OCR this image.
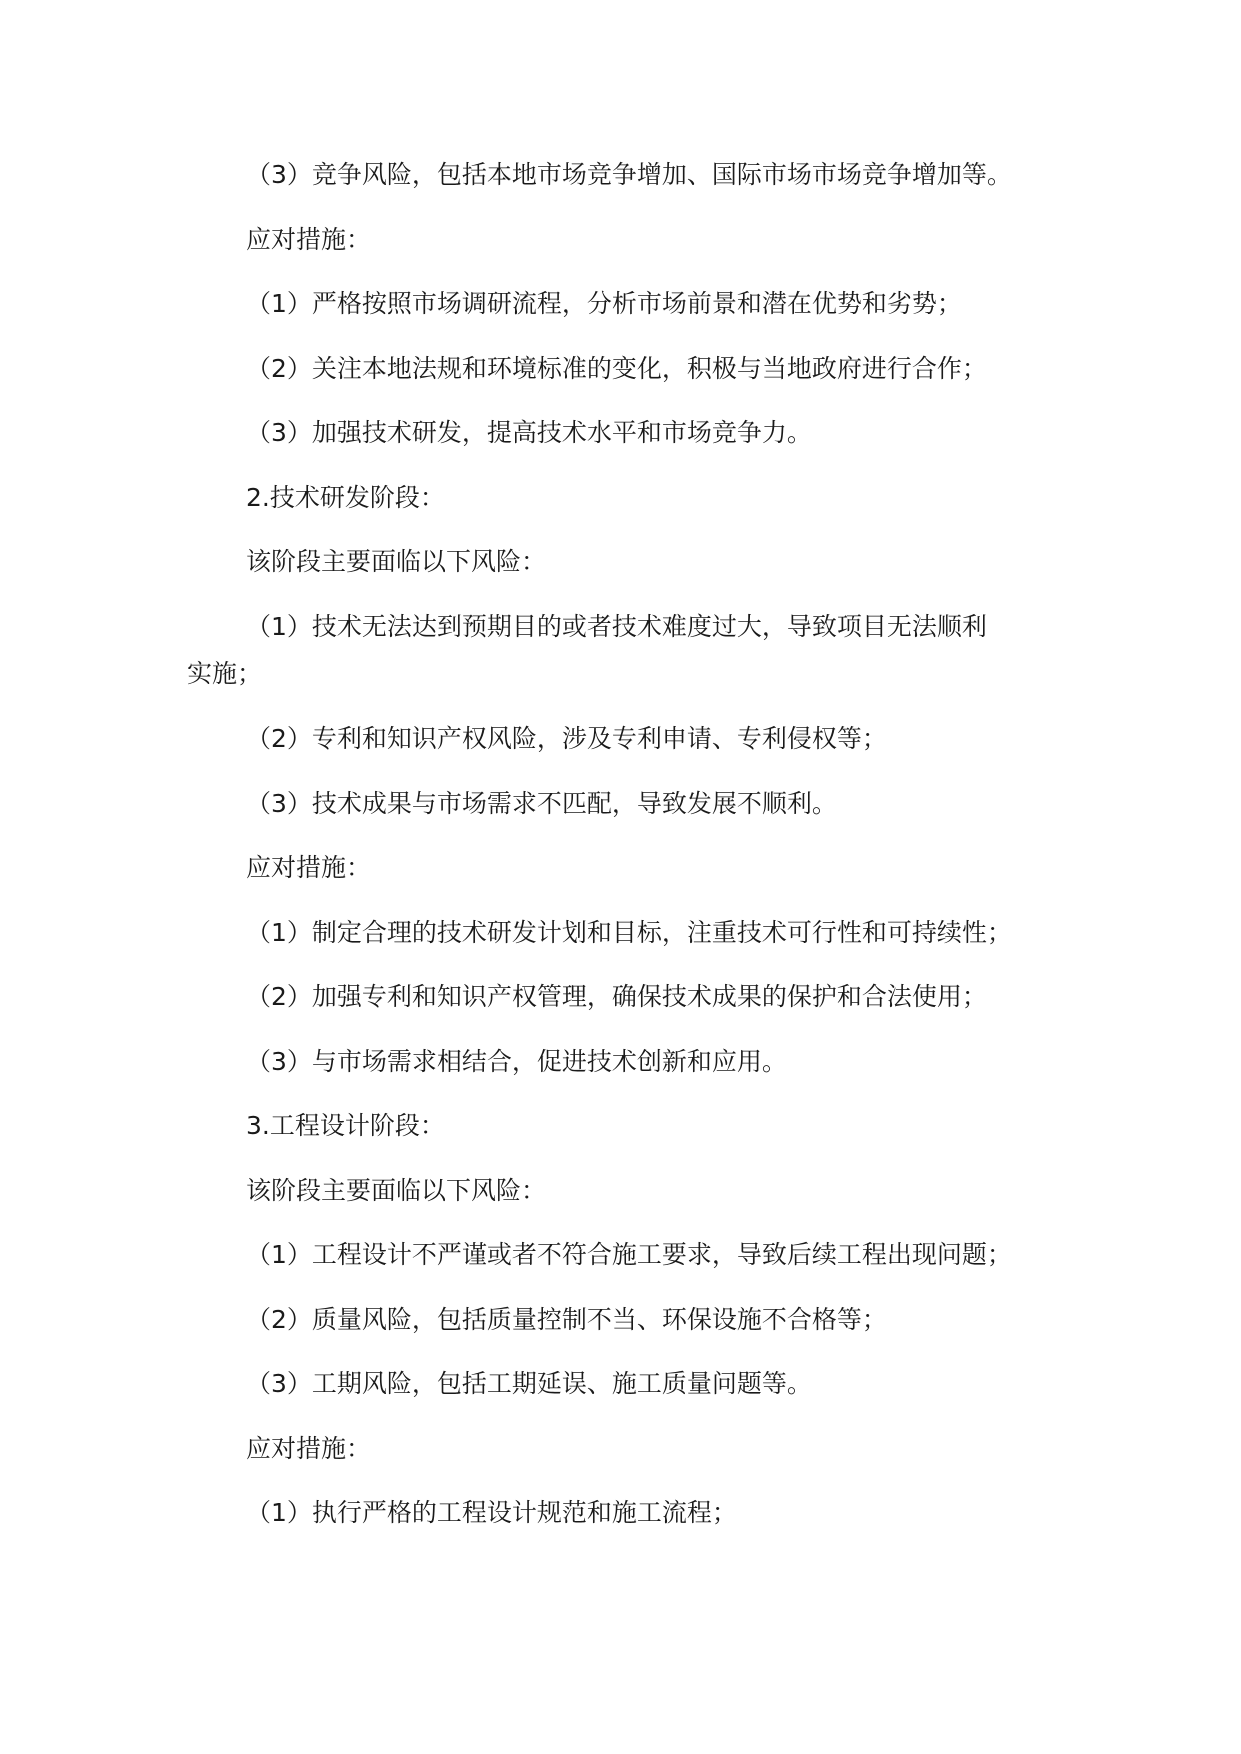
（3）竞争风险，包括本地市场竞争增加、国际市场市场竞争增加等。
应对措施：
（1）严格按照市场调研流程，分析市场前景和潜在优势和劣势；
（2）关注本地法规和环境标准的变化，积极与当地政府进行合作；
（3）加强技术研发，提高技术水平和市场竞争力。
2.技术研发阶段：
该阶段主要面临以下风险：
（1）技术无法达到预期目的或者技术难度过大，导致项目无法顺利
实施；
（2）专利和知识产权风险，涉及专利申请、专利侵权等；
（3）技术成果与市场需求不匹配，导致发展不顺利。
应对措施：
（1）制定合理的技术研发计划和目标，注重技术可行性和可持续性；
（2）加强专利和知识产权管理，确保技术成果的保护和合法使用；
（3）与市场需求相结合，促进技术创新和应用。
3.工程设计阶段：
该阶段主要面临以下风险：
（1）工程设计不严谨或者不符合施工要求，导致后续工程出现问题；
（2）质量风险，包括质量控制不当、环保设施不合格等；
（3）工期风险，包括工期延误、施工质量问题等。
应对措施：
（1）执行严格的工程设计规范和施工流程；
